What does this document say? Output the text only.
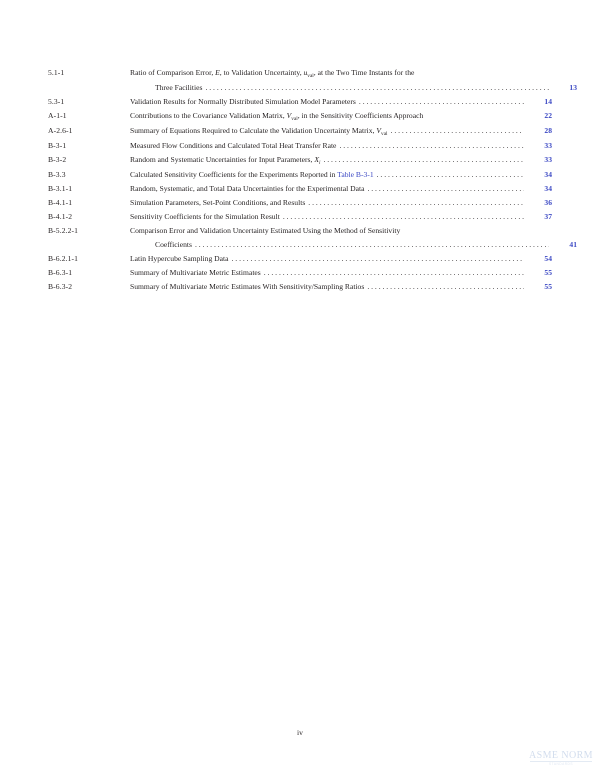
5.1-1	Ratio of Comparison Error, E, to Validation Uncertainty, $u_{val}$, at the Two Time Instants for the
Three Facilities .....	13
5.3-1	Validation Results for Normally Distributed Simulation Model Parameters .....	14
A-1-1	Contributions to the Covariance Validation Matrix, $V_{val}$, in the Sensitivity Coefficients Approach	22
A-2.6-1	Summary of Equations Required to Calculate the Validation Uncertainty Matrix, $V_{val}$ .....	28
B-3-1	Measured Flow Conditions and Calculated Total Heat Transfer Rate .....	33
B-3-2	Random and Systematic Uncertainties for Input Parameters, $X_i$ .....	33
B-3.3	Calculated Sensitivity Coefficients for the Experiments Reported in Table B-3-1 .....	34
B-3.1-1	Random, Systematic, and Total Data Uncertainties for the Experimental Data .....	34
B-4.1-1	Simulation Parameters, Set-Point Conditions, and Results .....	36
B-4.1-2	Sensitivity Coefficients for the Simulation Result .....	37
B-5.2.2-1	Comparison Error and Validation Uncertainty Estimated Using the Method of Sensitivity
Coefficients .....	41
B-6.2.1-1	Latin Hypercube Sampling Data .....	54
B-6.3-1	Summary of Multivariate Metric Estimates .....	55
B-6.3-2	Summary of Multivariate Metric Estimates With Sensitivity/Sampling Ratios .....	55
iv
ASME NORM
STANDARDS
